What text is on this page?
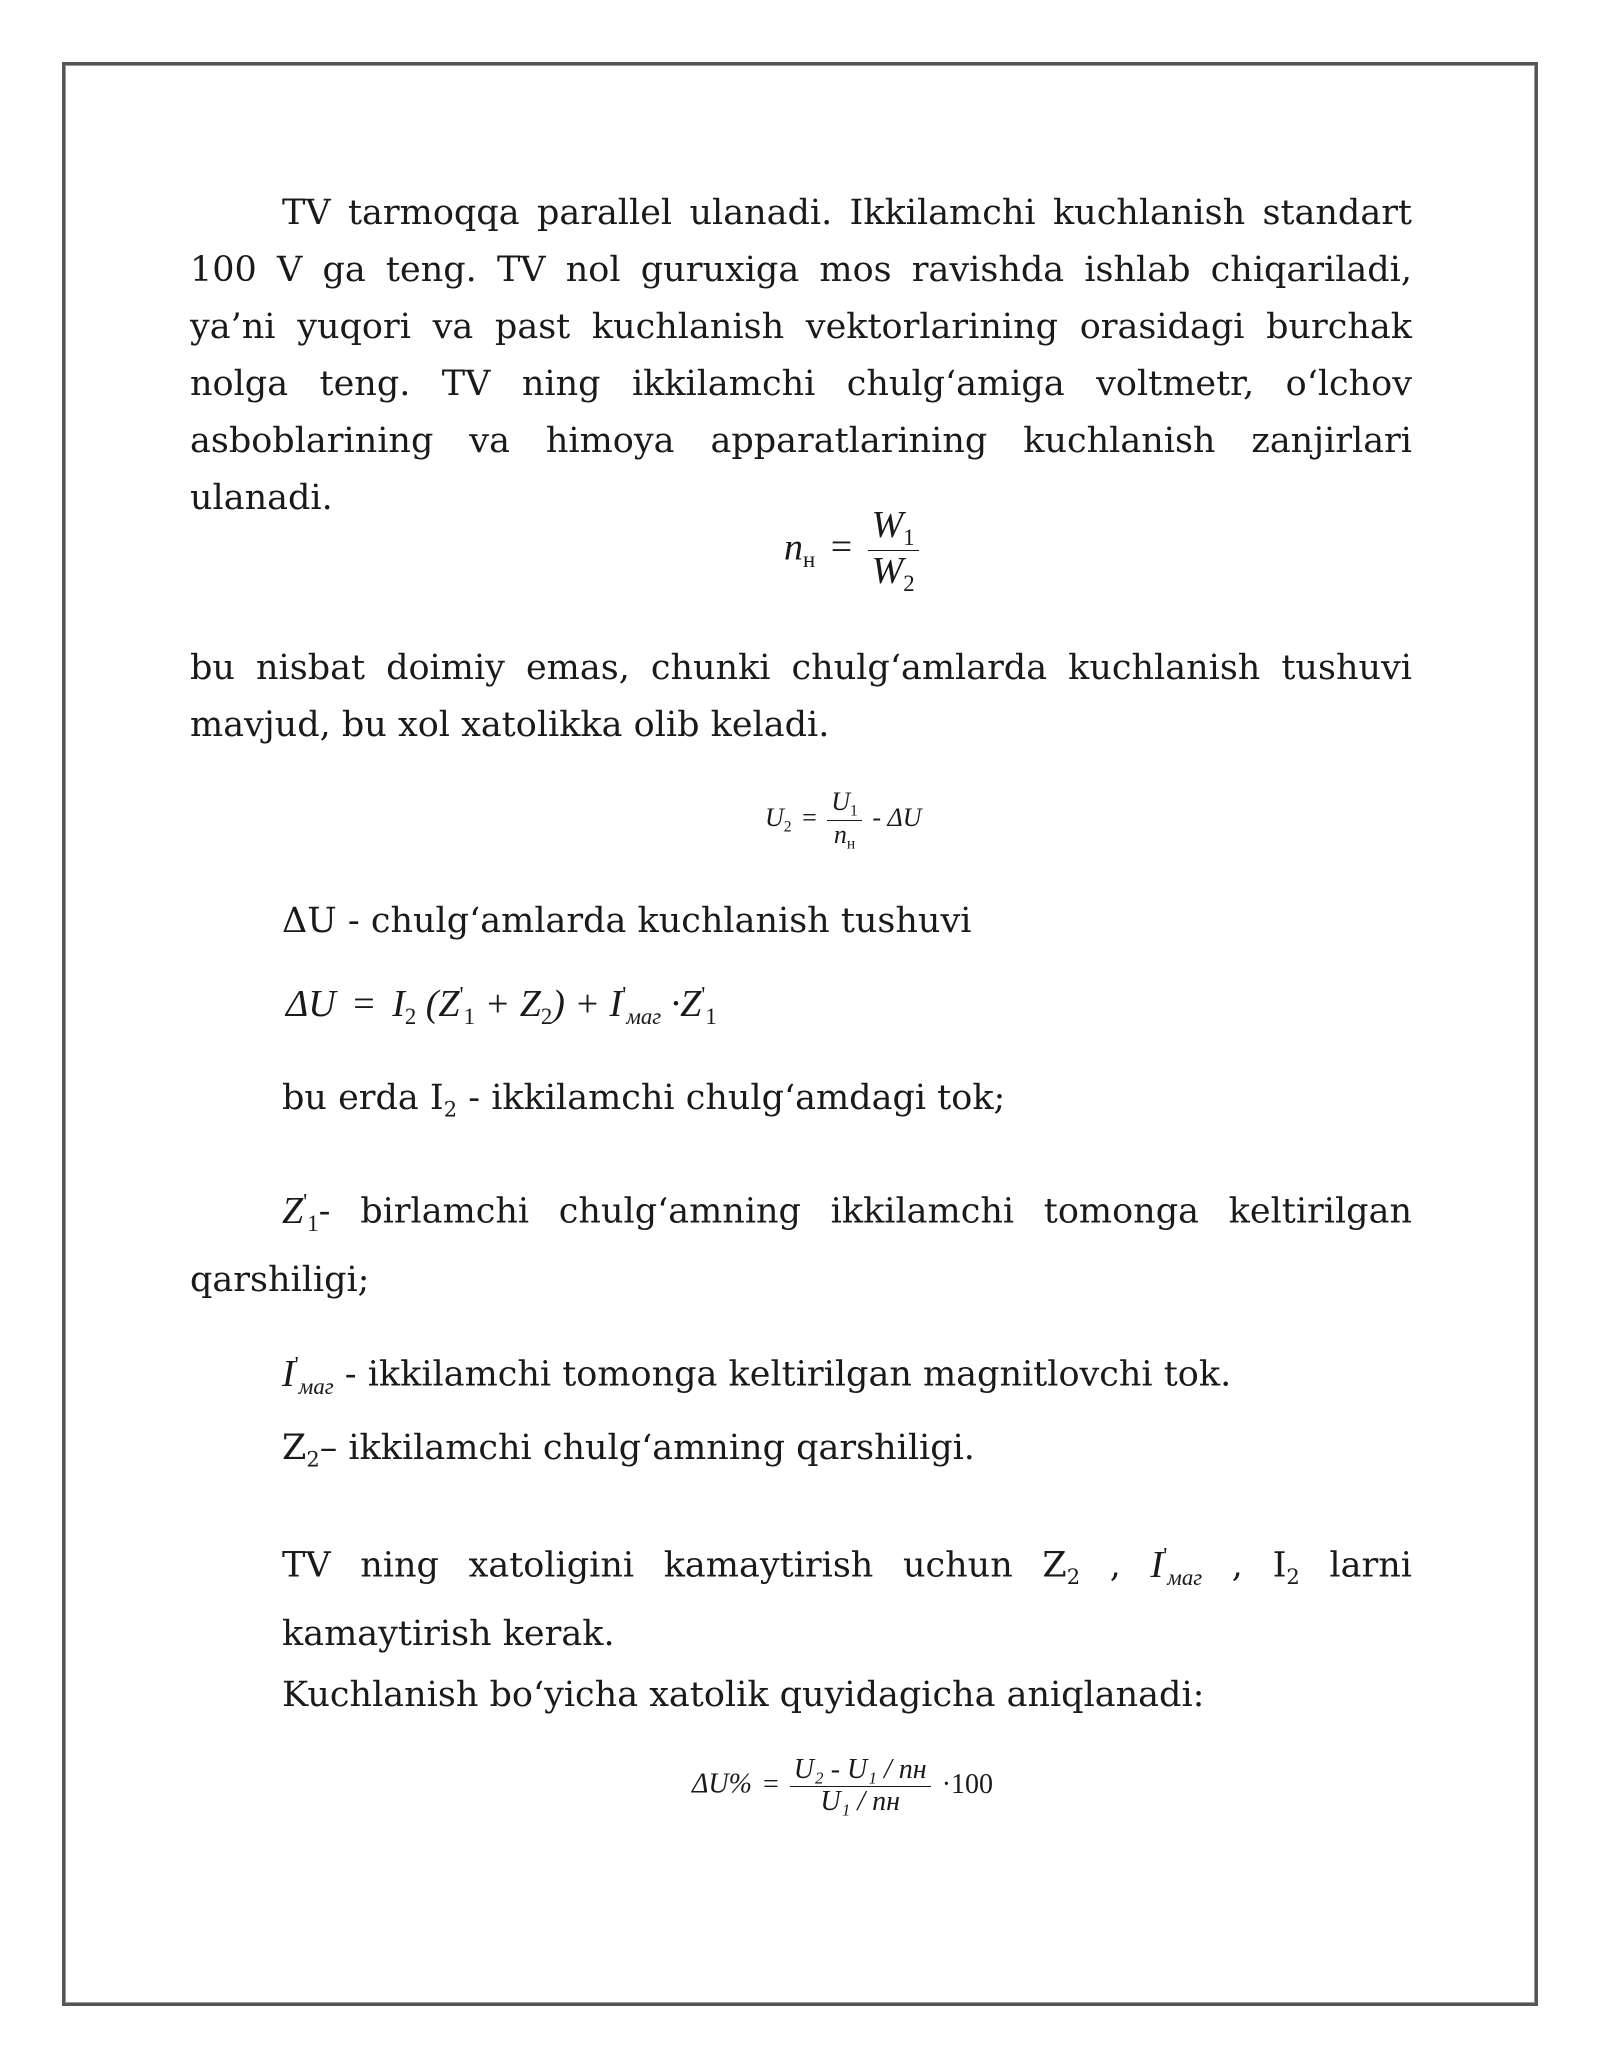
TV tarmoqqa parallel ulanadi. Ikkilamchi kuchlanish standart 100 V ga teng. TV nol guruxiga mos ravishda ishlab chiqariladi, ya’ni yuqori va past kuchlanish vektorlarining orasidagi burchak nolga teng. TV ning ikkilamchi chulg‘amiga voltmetr, o‘lchov asboblarining va himoya apparatlarining kuchlanish zanjirlari ulanadi.

$n_н = \frac{W_1}{W_2}$

bu nisbat doimiy emas, chunki chulg‘amlarda kuchlanish tushuvi mavjud, bu xol xatolikka olib keladi.

$U_2 = \frac{U_1}{n_н} - \Delta U$

ΔU - chulg‘amlarda kuchlanish tushuvi

$\Delta U = I_2$ $(Z'_1 + Z_2) + I'_{маг} \cdot Z'_1$

bu erda $I_2$ - ikkilamchi chulg‘amdagi tok;

$Z'_1-$ birlamchi chulg‘amning ikkilamchi tomonga keltirilgan qarshiligi;

$I'_{маг}$ - ikkilamchi tomonga keltirilgan magnitlovchi tok.

$Z_2-$ ikkilamchi chulg‘amning qarshiligi.

TV ning xatoligini kamaytirish uchun $Z_2$ , $I'_{маг}$ , $I_2$ larni kamaytirish kerak.

Kuchlanish bo‘yicha xatolik quyidagicha aniqlanadi:

$\Delta U\% = \frac{\text{U₂ - U₁ / nн}}{\text{U₁ / nн}} \cdot 100$
